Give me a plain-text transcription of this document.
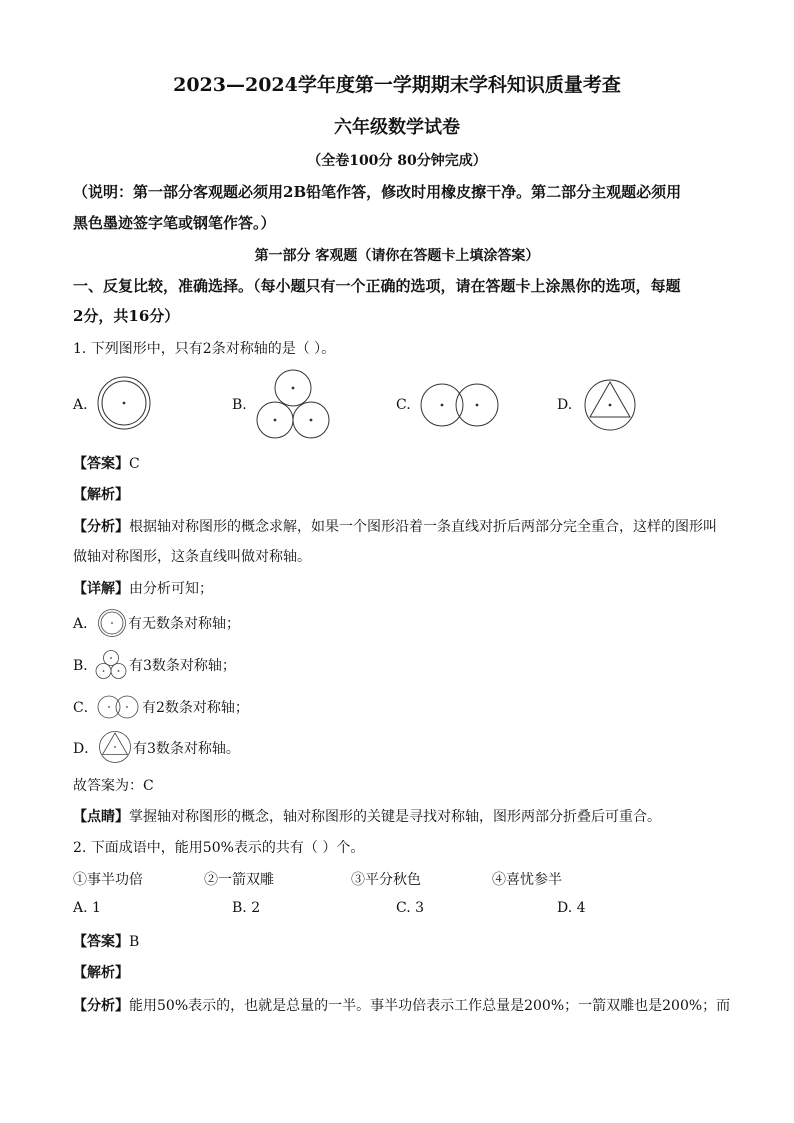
2023—2024学年度第一学期期末学科知识质量考查
六年级数学试卷
（全卷100分 80分钟完成）
（说明：第一部分客观题必须用2B铅笔作答，修改时用橡皮擦干净。第二部分主观题必须用
黑色墨迹签字笔或钢笔作答。）
第一部分 客观题（请你在答题卡上填涂答案）
一、反复比较，准确选择。（每小题只有一个正确的选项，请在答题卡上涂黑你的选项，每题
2分，共16分）
1. 下列图形中，只有2条对称轴的是（ ）。
A.	B.	C.	D.
【答案】C
【解析】
【分析】根据轴对称图形的概念求解，如果一个图形沿着一条直线对折后两部分完全重合，这样的图形叫
做轴对称图形，这条直线叫做对称轴。
【详解】由分析可知；
A． 有无数条对称轴；
B． 有3数条对称轴；
C．	有2数条对称轴；
D． 有3数条对称轴。
故答案为：C
【点睛】掌握轴对称图形的概念，轴对称图形的关键是寻找对称轴，图形两部分折叠后可重合。
2. 下面成语中，能用50%表示的共有（ ）个。
①事半功倍	②一箭双雕	③平分秋色	④喜忧参半
A. 1	B. 2	C. 3	D. 4
【答案】B
【解析】
【分析】能用50%表示的，也就是总量的一半。事半功倍表示工作总量是200%；一箭双雕也是200%；而
